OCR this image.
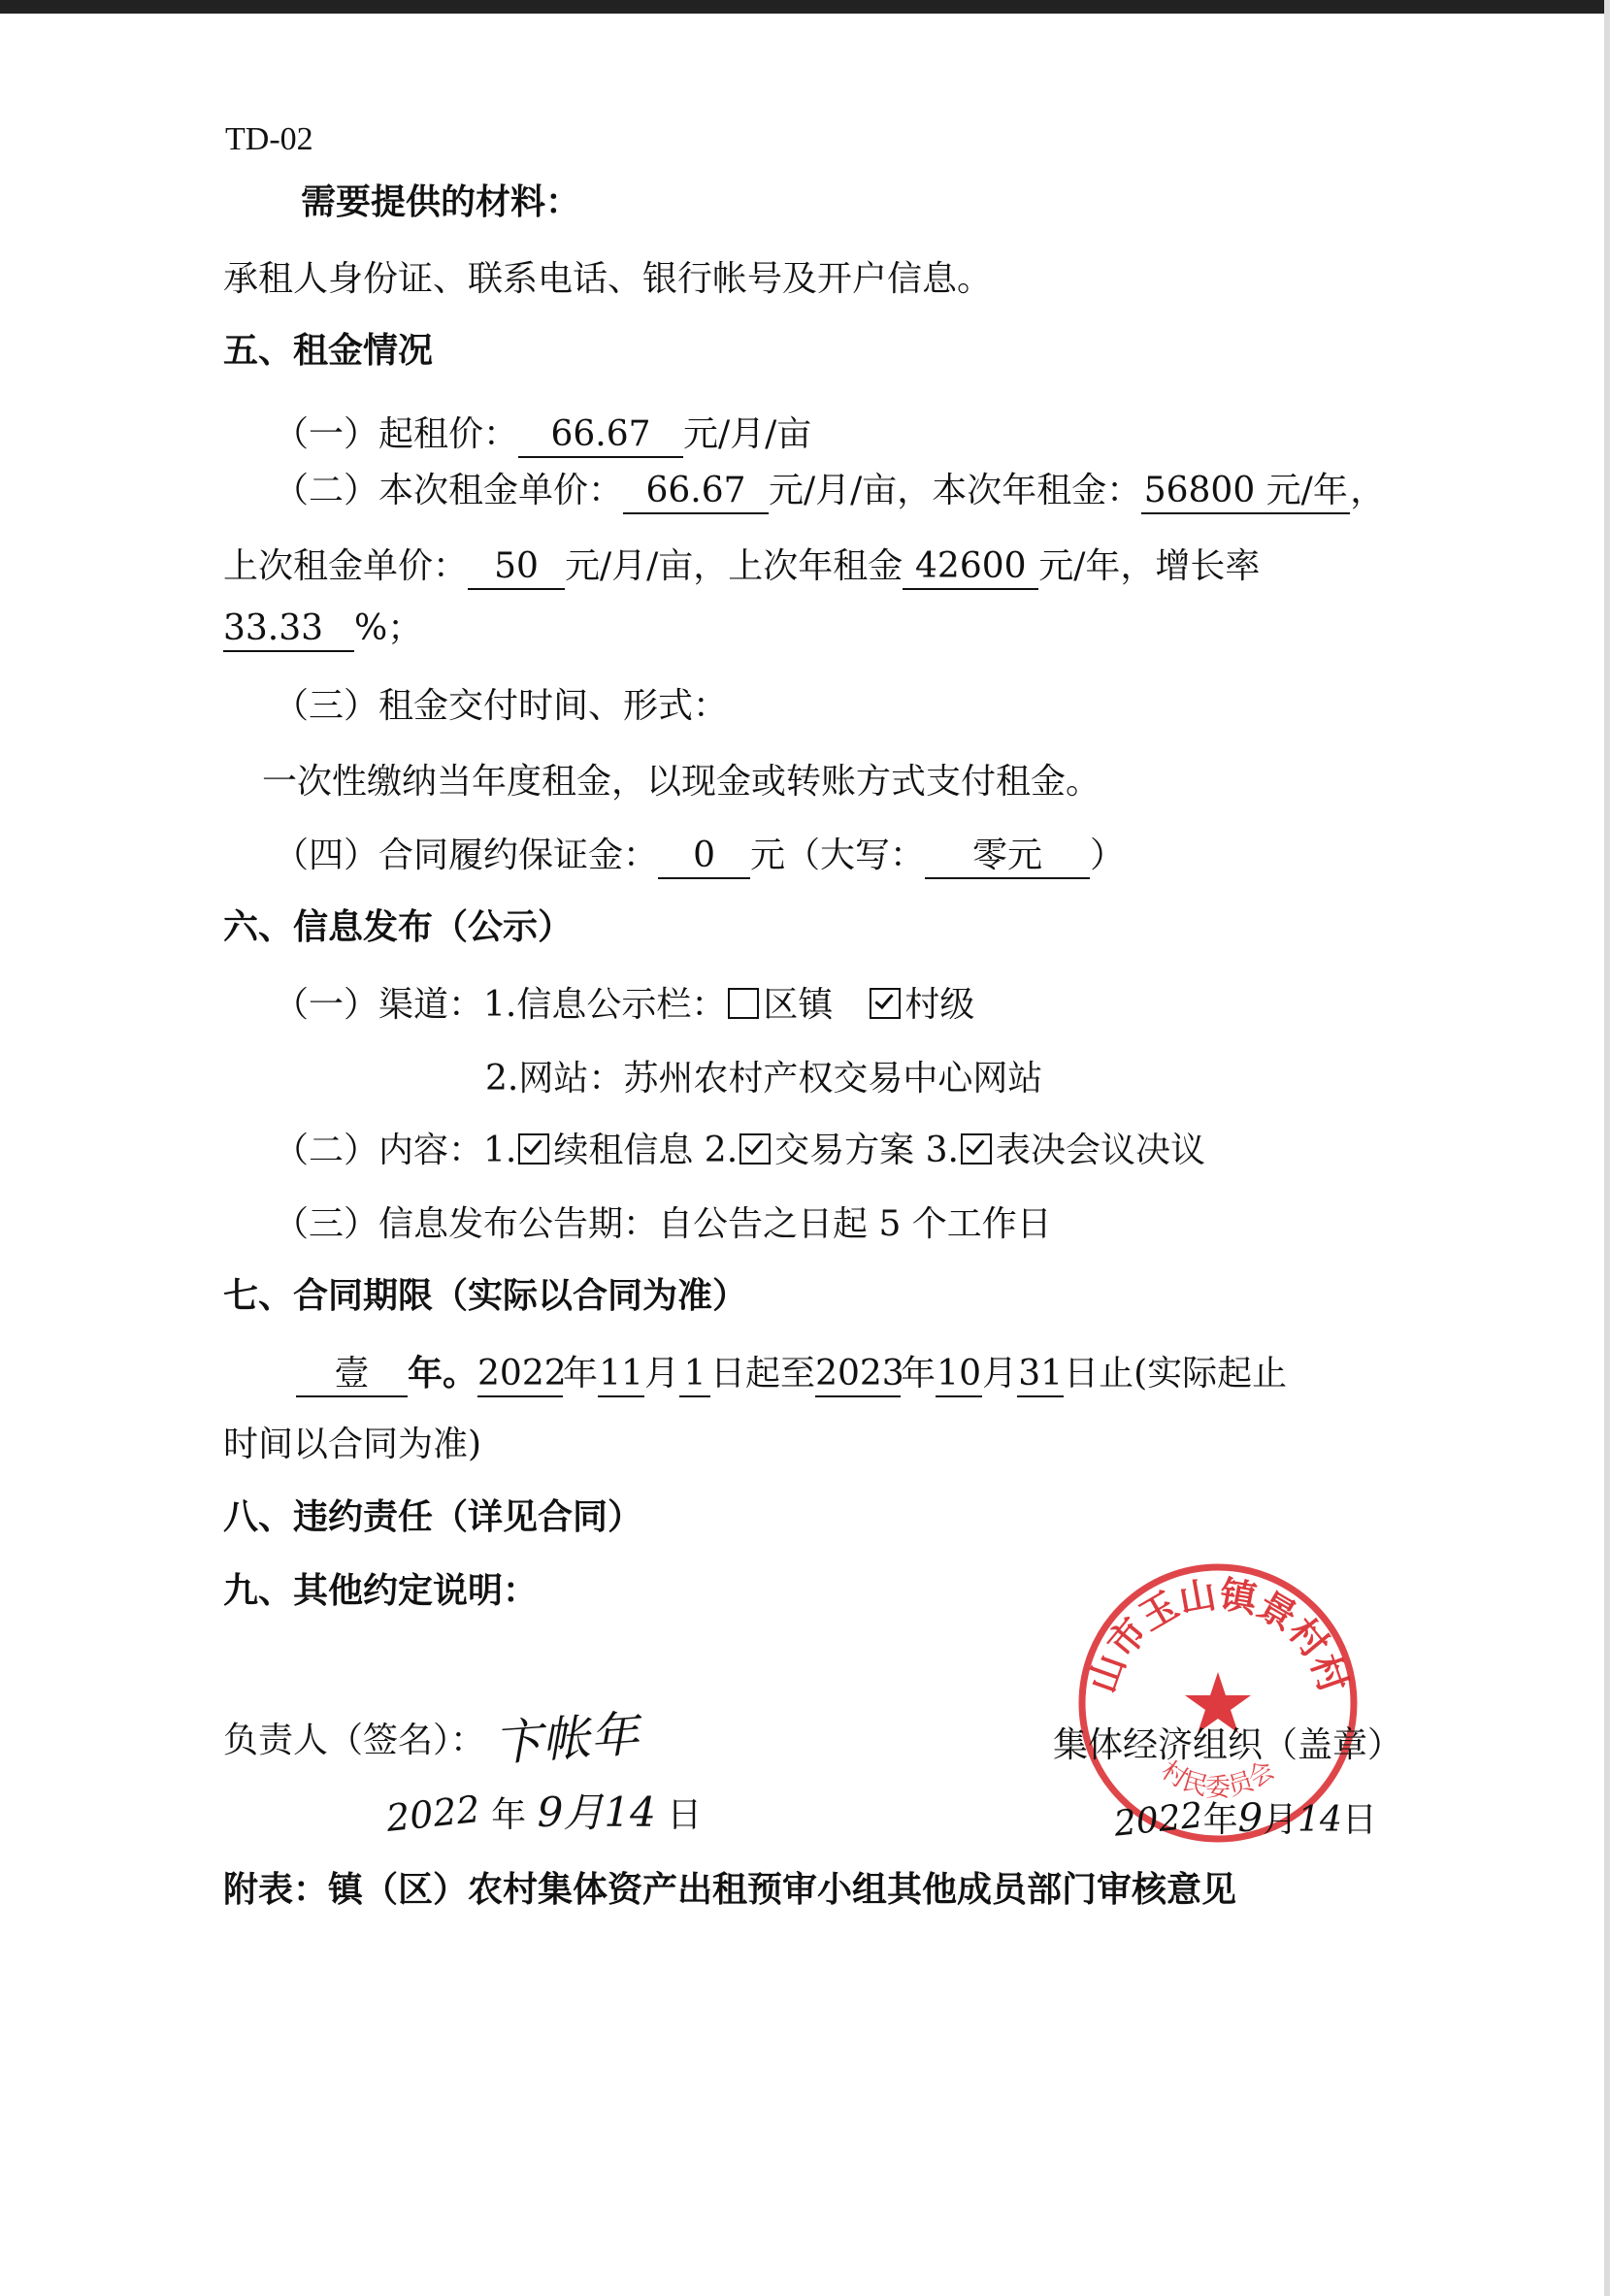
TD-02
需要提供的材料：
承租人身份证、联系电话、银行帐号及开户信息。
五、租金情况
（一）起租价： 66.67 元/月/亩
（二）本次租金单价： 66.67 元/月/亩，本次年租金：56800 元/年，
上次租金单价： 50 元/月/亩，上次年租金 42600 元/年，增长率
33.33 %；
（三）租金交付时间、形式：
一次性缴纳当年度租金，以现金或转账方式支付租金。
（四）合同履约保证金： 0 元（大写： 零元 ）
六、信息发布（公示）
（一）渠道：1.信息公示栏： 区镇 村级
2.网站：苏州农村产权交易中心网站
（二）内容：1. 续租信息 2. 交易方案 3. 表决会议决议
（三）信息发布公告期：自公告之日起 5 个工作日
七、合同期限（实际以合同为准）
壹 年。2022年11月 1 日起至2023年10月31日止(实际起止
时间以合同为准)
八、违约责任（详见合同）
九、其他约定说明：
负责人（签名）： 卞帐年
2022 年 9月14 日
山市玉山镇景村村
村民委员会
集体经济组织（盖章）
2022年9月14日
附表：镇（区）农村集体资产出租预审小组其他成员部门审核意见
